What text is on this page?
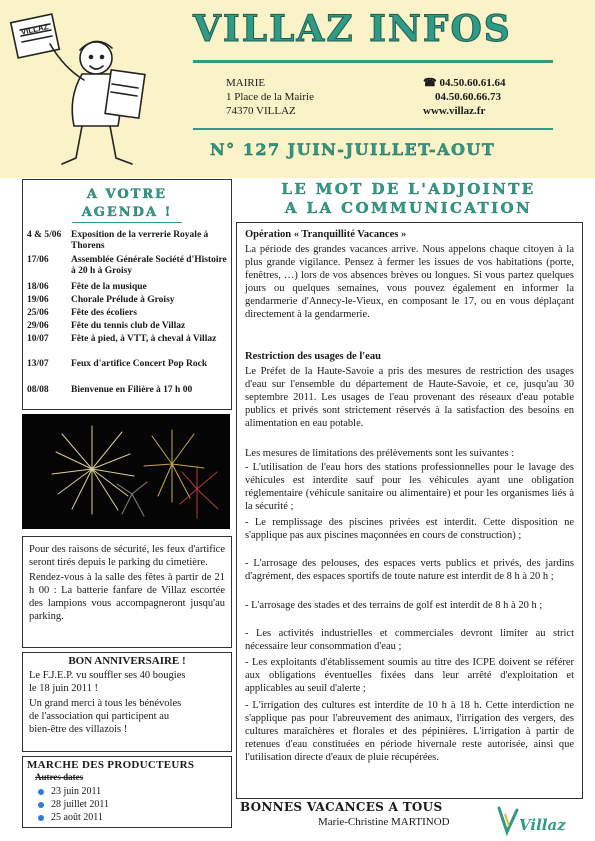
VILLAZ	VILLAZ INFOS
MAIRIE
1 Place de la Mairie
74370 VILLAZ
☎ 04.50.60.61.64
04.50.60.66.73
www.villaz.fr
N° 127 JUIN-JUILLET-AOUT
A VOTRE
AGENDA !
4 & 5/06	Exposition de la verrerie Royale à Thorens
17/06	Assemblée Générale Société d'Histoire à 20 h à Groisy
18/06	Fête de la musique
19/06	Chorale Prélude à Groisy
25/06	Fête des écoliers
29/06	Fête du tennis club de Villaz
10/07	Fête à pied, à VTT, à cheval à Villaz
13/07	Feux d'artifice Concert Pop Rock
08/08	Bienvenue en Filière à 17 h 00

Pour des raisons de sécurité, les feux d'artifice seront tirés depuis le parking du cimetière.

Rendez-vous à la salle des fêtes à partir de 21 h 00 : La batterie fanfare de Villaz escortée des lampions vous accompagneront jusqu'au parking.

BON ANNIVERSAIRE !
Le F.J.E.P. vu souffler ses 40 bougies
le 18 juin 2011 !
Un grand merci à tous les bénévoles
de l'association qui participent au
bien-être des villazois !
MARCHE DES PRODUCTEURS
Autres dates
23 juin 2011
28 juillet 2011
25 août 2011
LE MOT DE L'ADJOINTE
A LA COMMUNICATION
Opération « Tranquillité Vacances »
La période des grandes vacances arrive. Nous appelons chaque citoyen à la plus grande vigilance. Pensez à fermer les issues de vos habitations (porte, fenêtres, …) lors de vos absences brèves ou longues. Si vous partez quelques jours ou quelques semaines, vous pouvez également en informer la gendarmerie d'Annecy-le-Vieux, en composant le 17, ou en vous déplaçant directement à la gendarmerie.
Restriction des usages de l'eau
Le Préfet de la Haute-Savoie a pris des mesures de restriction des usages d'eau sur l'ensemble du département de Haute-Savoie, et ce, jusqu'au 30 septembre 2011. Les usages de l'eau provenant des réseaux d'eau potable publics et privés sont strictement réservés à la satisfaction des besoins en alimentation en eau potable.
Les mesures de limitations des prélèvements sont les suivantes :
- L'utilisation de l'eau hors des stations professionnelles pour le lavage des véhicules est interdite sauf pour les véhicules ayant une obligation réglementaire (véhicule sanitaire ou alimentaire) et pour les organismes liés à la sécurité ;
- Le remplissage des piscines privées est interdit. Cette disposition ne s'applique pas aux piscines maçonnées en cours de construction) ;
- L'arrosage des pelouses, des espaces verts publics et privés, des jardins d'agrément, des espaces sportifs de toute nature est interdit de 8 h à 20 h ;
- L'arrosage des stades et des terrains de golf est interdit de 8 h à 20 h ;
- Les activités industrielles et commerciales devront limiter au strict nécessaire leur consommation d'eau ;
- Les exploitants d'établissement soumis au titre des ICPE doivent se référer aux obligations éventuelles fixées dans leur arrêté d'exploitation et applicables au seuil d'alerte ;
- L'irrigation des cultures est interdite de 10 h à 18 h. Cette interdiction ne s'applique pas pour l'abreuvement des animaux, l'irrigation des vergers, des cultures maraîchères et florales et des pépinières. L'irrigation à partir de retenues d'eau constituées en période hivernale reste autorisée, ainsi que l'utilisation directe d'eaux de pluie récupérées.
BONNES VACANCES A TOUS
Marie-Christine MARTINOD	Villaz
